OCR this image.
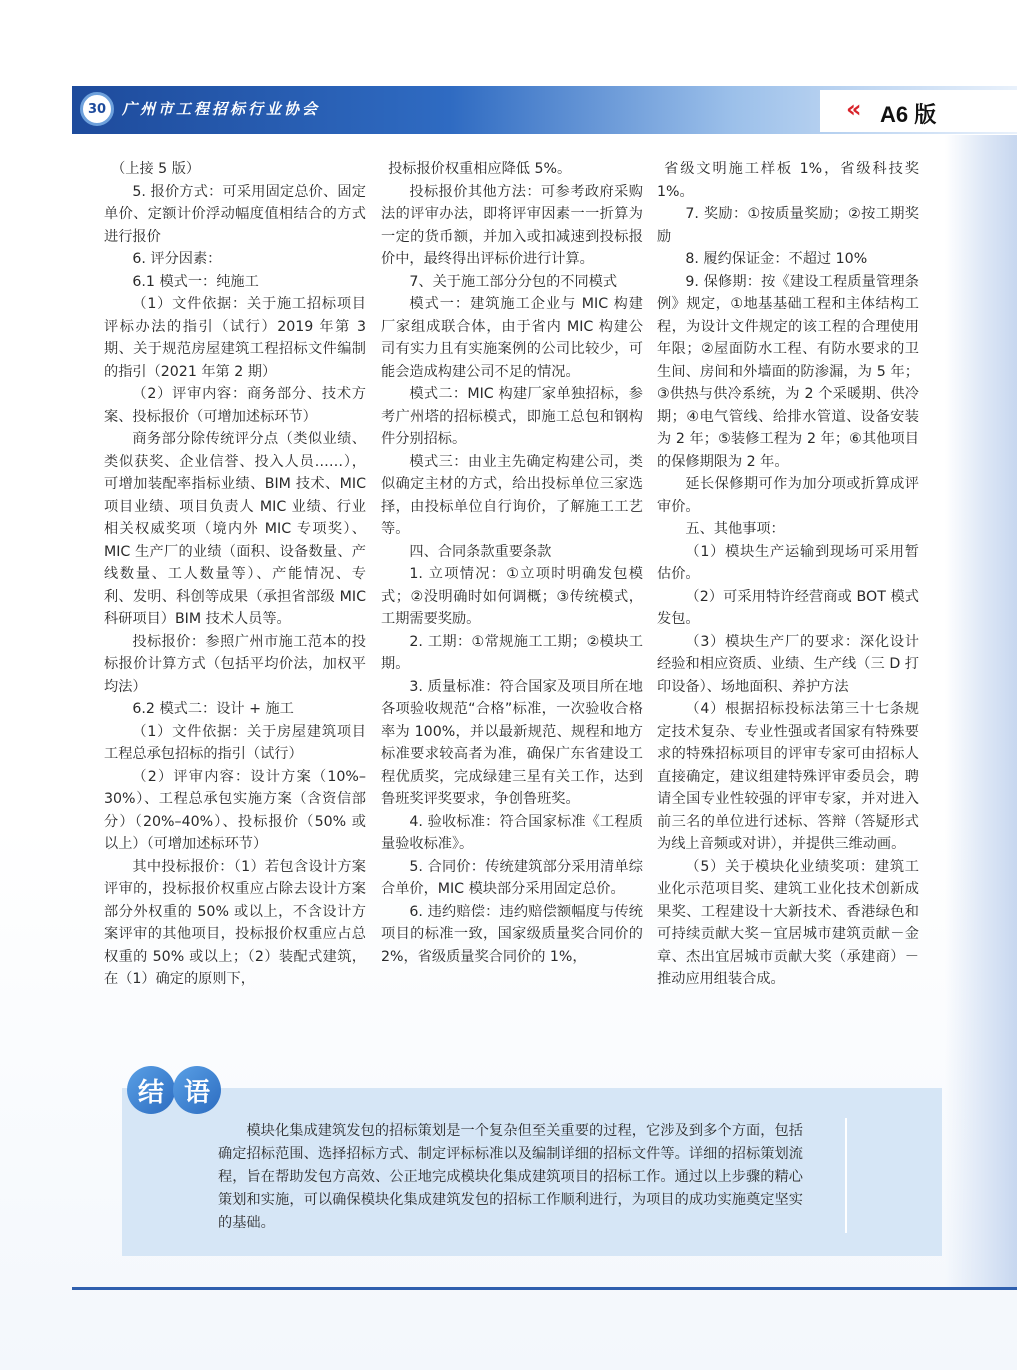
30	广州市工程招标行业协会	« A6 版

（上接 5 版）

5. 报价方式：可采用固定总价、固定单价、定额计价浮动幅度值相结合的方式进行报价

6. 评分因素：

6.1 模式一：纯施工

（1）文件依据：关于施工招标项目评标办法的指引（试行）2019 年第 3 期、关于规范房屋建筑工程招标文件编制的指引（2021 年第 2 期）

（2）评审内容：商务部分、技术方案、投标报价（可增加述标环节）

商务部分除传统评分点（类似业绩、类似获奖、企业信誉、投入人员……），可增加装配率指标业绩、BIM 技术、MIC 项目业绩、项目负责人 MIC 业绩、行业相关权威奖项（境内外 MIC 专项奖）、MIC 生产厂的业绩（面积、设备数量、产线数量、工人数量等）、产能情况、专利、发明、科创等成果（承担省部级 MIC 科研项目）BIM 技术人员等。

投标报价：参照广州市施工范本的投标报价计算方式（包括平均价法，加权平均法）

6.2 模式二：设计 + 施工

（1）文件依据：关于房屋建筑项目工程总承包招标的指引（试行）

（2）评审内容：设计方案（10%–30%）、工程总承包实施方案（含资信部分）（20%–40%）、投标报价（50% 或以上）（可增加述标环节）

其中投标报价：（1）若包含设计方案评审的，投标报价权重应占除去设计方案部分外权重的 50% 或以上，不含设计方案评审的其他项目，投标报价权重应占总权重的 50% 或以上；（2）装配式建筑，在（1）确定的原则下，

投标报价权重相应降低 5%。

投标报价其他方法：可参考政府采购法的评审办法，即将评审因素一一折算为一定的货币额，并加入或扣减速到投标报价中，最终得出评标价进行计算。

7、关于施工部分分包的不同模式

模式一：建筑施工企业与 MIC 构建厂家组成联合体，由于省内 MIC 构建公司有实力且有实施案例的公司比较少，可能会造成构建公司不足的情况。

模式二：MIC 构建厂家单独招标，参考广州塔的招标模式，即施工总包和钢构件分别招标。

模式三：由业主先确定构建公司，类似确定主材的方式，给出投标单位三家选择，由投标单位自行询价，了解施工工艺等。

四、合同条款重要条款

1. 立项情况：①立项时明确发包模式；②没明确时如何调概；③传统模式，工期需要奖励。

2. 工期：①常规施工工期；②模块工期。

3. 质量标准：符合国家及项目所在地各项验收规范“合格”标准，一次验收合格率为 100%，并以最新规范、规程和地方标准要求较高者为准，确保广东省建设工程优质奖，完成绿建三星有关工作，达到鲁班奖评奖要求，争创鲁班奖。

4. 验收标准：符合国家标准《工程质量验收标准》。

5. 合同价：传统建筑部分采用清单综合单价，MIC 模块部分采用固定总价。

6. 违约赔偿：违约赔偿额幅度与传统项目的标准一致，国家级质量奖合同价的 2%，省级质量奖合同价的 1%，

省级文明施工样板 1%，省级科技奖 1%。

7. 奖励：①按质量奖励；②按工期奖励

8. 履约保证金：不超过 10%

9. 保修期：按《建设工程质量管理条例》规定，①地基基础工程和主体结构工程，为设计文件规定的该工程的合理使用年限；②屋面防水工程、有防水要求的卫生间、房间和外墙面的防渗漏，为 5 年；③供热与供冷系统，为 2 个采暖期、供冷期；④电气管线、给排水管道、设备安装为 2 年；⑤装修工程为 2 年；⑥其他项目的保修期限为 2 年。

延长保修期可作为加分项或折算成评审价。

五、其他事项：

（1）模块生产运输到现场可采用暂估价。

（2）可采用特许经营商或 BOT 模式发包。

（3）模块生产厂的要求：深化设计经验和相应资质、业绩、生产线（三 D 打印设备）、场地面积、养护方法

（4）根据招标投标法第三十七条规定技术复杂、专业性强或者国家有特殊要求的特殊招标项目的评审专家可由招标人直接确定，建议组建特殊评审委员会，聘请全国专业性较强的评审专家，并对进入前三名的单位进行述标、答辩（答疑形式为线上音频或对讲），并提供三维动画。

（5）关于模块化业绩奖项：建筑工业化示范项目奖、建筑工业化技术创新成果奖、工程建设十大新技术、香港绿色和可持续贡献大奖－宜居城市建筑贡献－金章、杰出宜居城市贡献大奖（承建商）－推动应用组装合成。

结 语

模块化集成建筑发包的招标策划是一个复杂但至关重要的过程，它涉及到多个方面，包括确定招标范围、选择招标方式、制定评标标准以及编制详细的招标文件等。详细的招标策划流程，旨在帮助发包方高效、公正地完成模块化集成建筑项目的招标工作。通过以上步骤的精心策划和实施，可以确保模块化集成建筑发包的招标工作顺利进行，为项目的成功实施奠定坚实的基础。
